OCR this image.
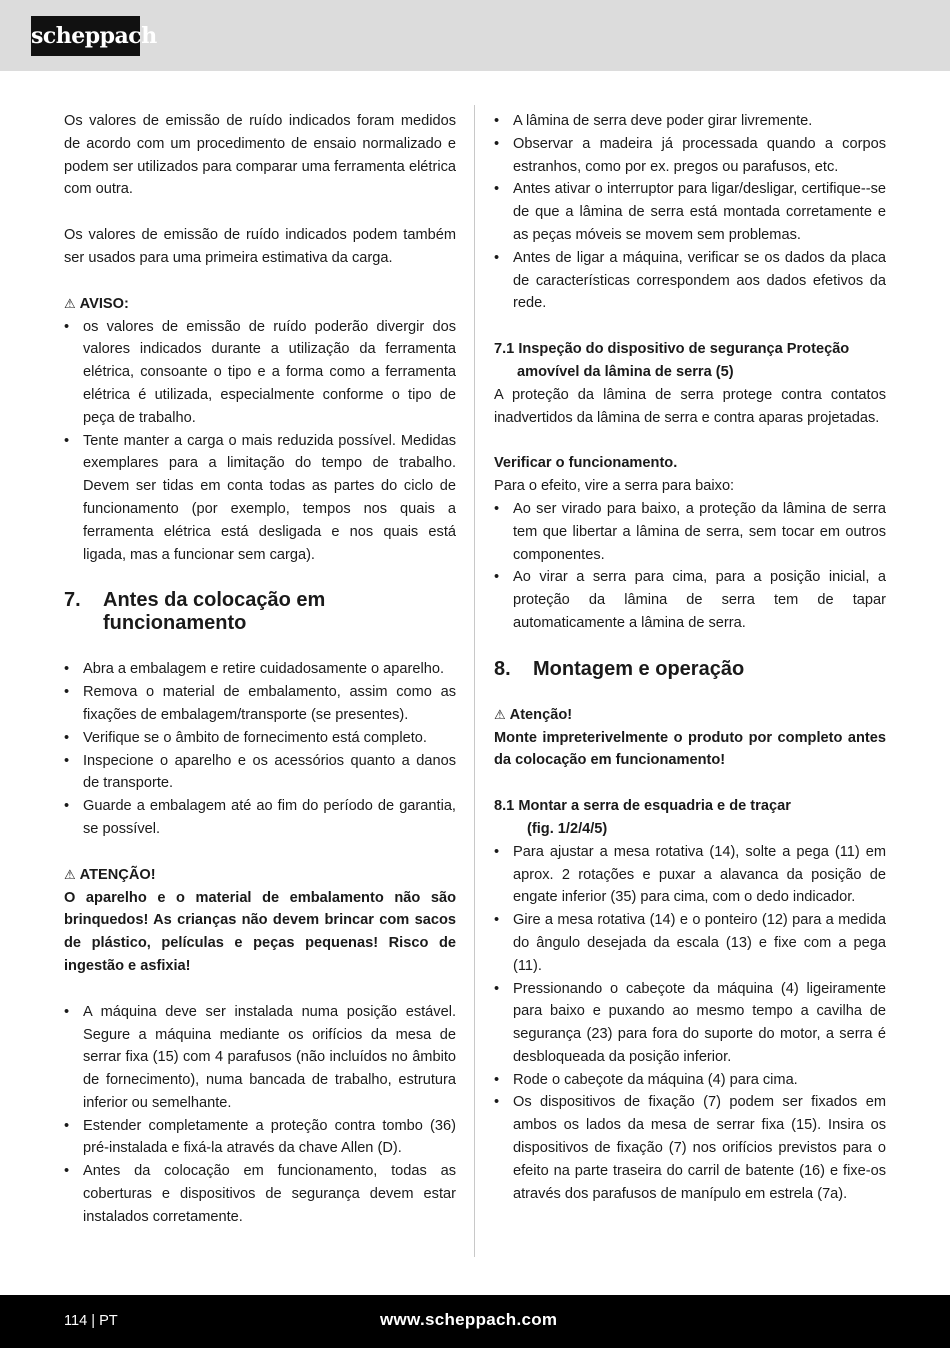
scheppach

Os valores de emissão de ruído indicados foram medidos de acordo com um procedimento de ensaio normalizado e podem ser utilizados para comparar uma ferramenta elétrica com outra.

Os valores de emissão de ruído indicados podem também ser usados para uma primeira estimativa da carga.

⚠ AVISO:
• os valores de emissão de ruído poderão divergir dos valores indicados durante a utilização da ferramenta elétrica, consoante o tipo e a forma como a ferramenta elétrica é utilizada, especialmente conforme o tipo de peça de trabalho.
• Tente manter a carga o mais reduzida possível. Medidas exemplares para a limitação do tempo de trabalho. Devem ser tidas em conta todas as partes do ciclo de funcionamento (por exemplo, tempos nos quais a ferramenta elétrica está desligada e nos quais está ligada, mas a funcionar sem carga).
7.	Antes da colocação em funcionamento
• Abra a embalagem e retire cuidadosamente o aparelho.
• Remova o material de embalamento, assim como as fixações de embalagem/transporte (se presentes).
• Verifique se o âmbito de fornecimento está completo.
• Inspecione o aparelho e os acessórios quanto a danos de transporte.
• Guarde a embalagem até ao fim do período de garantia, se possível.
⚠ ATENÇÃO!

O aparelho e o material de embalamento não são brinquedos! As crianças não devem brincar com sacos de plástico, películas e peças pequenas! Risco de ingestão e asfixia!

• A máquina deve ser instalada numa posição estável. Segure a máquina mediante os orifícios da mesa de serrar fixa (15) com 4 parafusos (não incluídos no âmbito de fornecimento), numa bancada de trabalho, estrutura inferior ou semelhante.
• Estender completamente a proteção contra tombo (36) pré-instalada e fixá-la através da chave Allen (D).
• Antes da colocação em funcionamento, todas as coberturas e dispositivos de segurança devem estar instalados corretamente.
• A lâmina de serra deve poder girar livremente.
• Observar a madeira já processada quando a corpos estranhos, como por ex. pregos ou parafusos, etc.
• Antes ativar o interruptor para ligar/desligar, certifique--se de que a lâmina de serra está montada corretamente e as peças móveis se movem sem problemas.
• Antes de ligar a máquina, verificar se os dados da placa de características correspondem aos dados efetivos da rede.
7.1 Inspeção do dispositivo de segurança Proteção
amovível da lâmina de serra (5)

A proteção da lâmina de serra protege contra contatos inadvertidos da lâmina de serra e contra aparas projetadas.

Verificar o funcionamento.

Para o efeito, vire a serra para baixo:

• Ao ser virado para baixo, a proteção da lâmina de serra tem que libertar a lâmina de serra, sem tocar em outros componentes.
• Ao virar a serra para cima, para a posição inicial, a proteção da lâmina de serra tem de tapar automaticamente a lâmina de serra.
8.	Montagem e operação
⚠ Atenção!

Monte impreterivelmente o produto por completo antes da colocação em funcionamento!

8.1 Montar a serra de esquadria e de traçar
(fig. 1/2/4/5)
• Para ajustar a mesa rotativa (14), solte a pega (11) em aprox. 2 rotações e puxar a alavanca da posição de engate inferior (35) para cima, com o dedo indicador.
• Gire a mesa rotativa (14) e o ponteiro (12) para a medida do ângulo desejada da escala (13) e fixe com a pega (11).
• Pressionando o cabeçote da máquina (4) ligeiramente para baixo e puxando ao mesmo tempo a cavilha de segurança (23) para fora do suporte do motor, a serra é desbloqueada da posição inferior.
• Rode o cabeçote da máquina (4) para cima.
• Os dispositivos de fixação (7) podem ser fixados em ambos os lados da mesa de serrar fixa (15). Insira os dispositivos de fixação (7) nos orifícios previstos para o efeito na parte traseira do carril de batente (16) e fixe-os através dos parafusos de manípulo em estrela (7a).
114 | PT	www.scheppach.com
